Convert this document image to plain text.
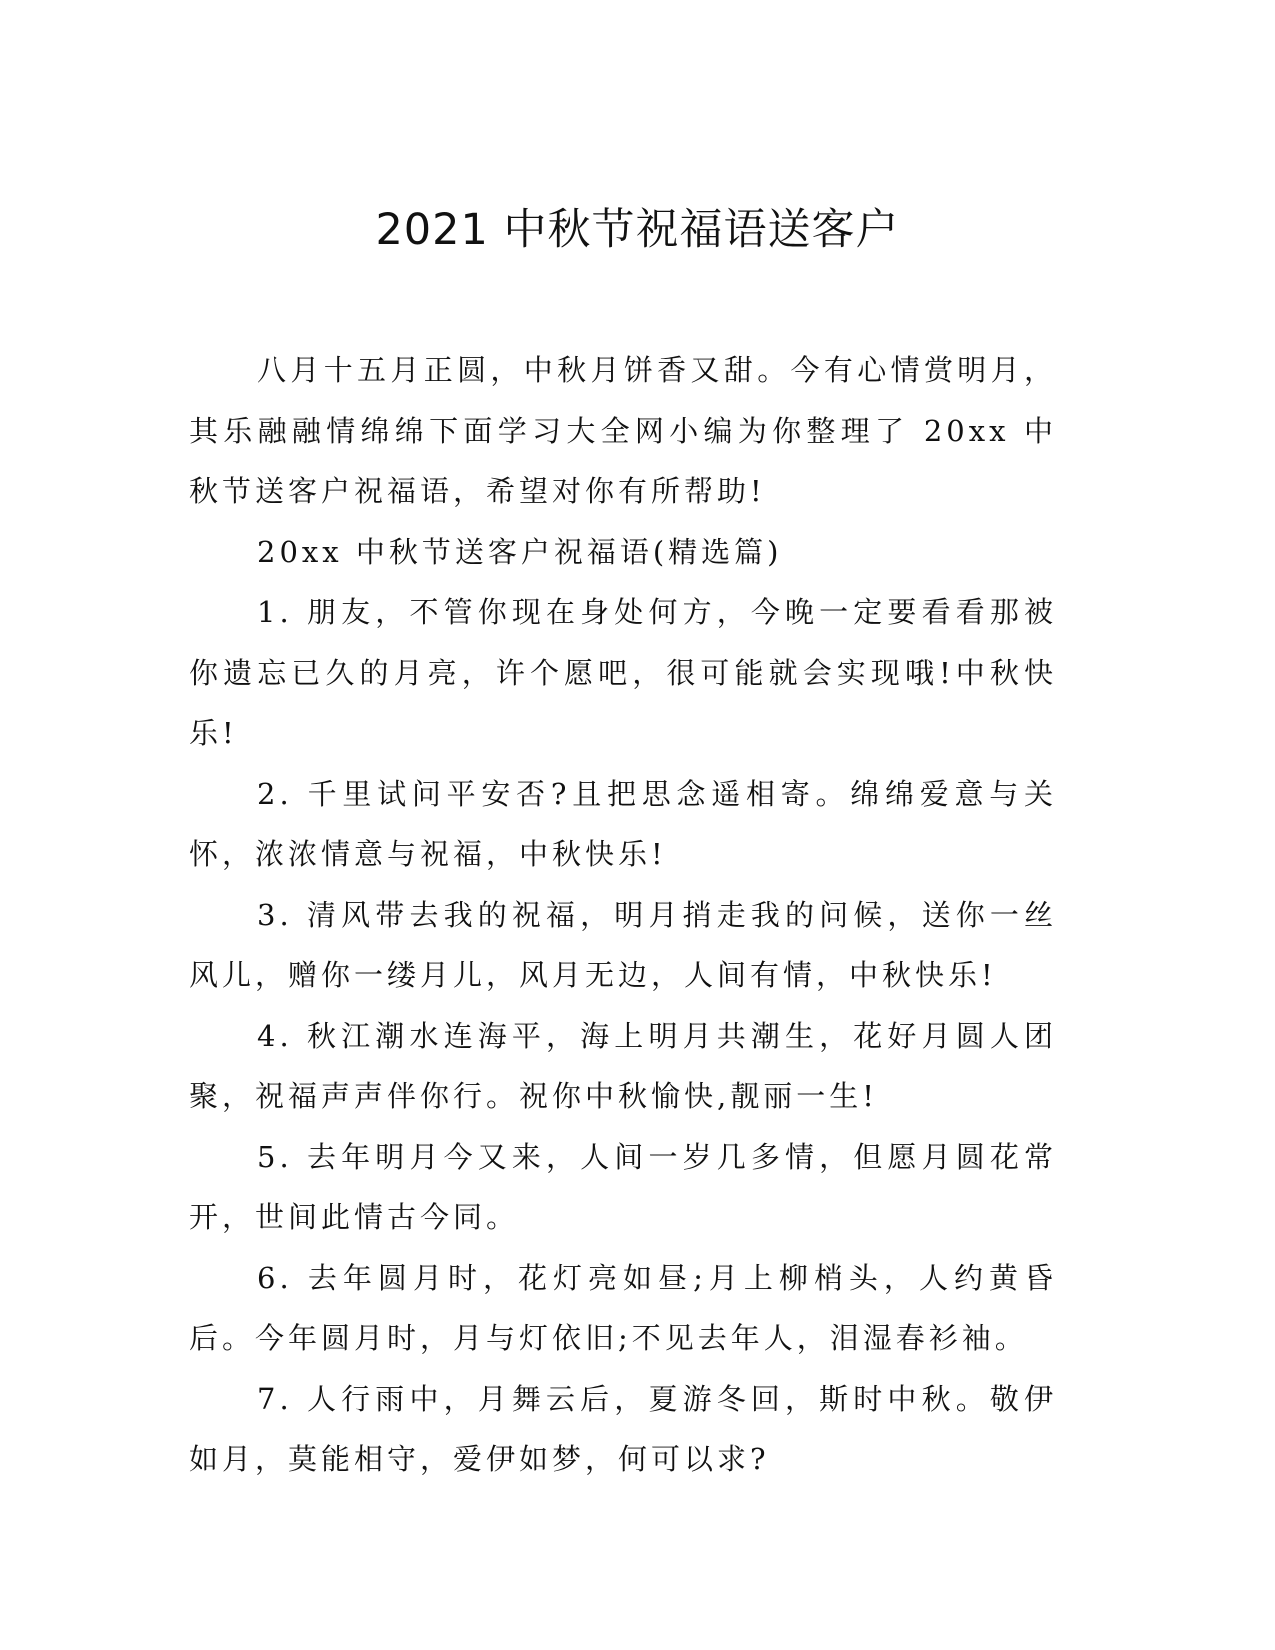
2021 中秋节祝福语送客户

八月十五月正圆，中秋月饼香又甜。今有心情赏明月，其乐融融情绵绵下面学习大全网小编为你整理了 20xx 中秋节送客户祝福语，希望对你有所帮助!

20xx 中秋节送客户祝福语(精选篇)

1. 朋友，不管你现在身处何方，今晚一定要看看那被你遗忘已久的月亮，许个愿吧，很可能就会实现哦!中秋快乐!

2. 千里试问平安否?且把思念遥相寄。绵绵爱意与关怀，浓浓情意与祝福，中秋快乐!

3. 清风带去我的祝福，明月捎走我的问候，送你一丝风儿，赠你一缕月儿，风月无边，人间有情，中秋快乐!

4. 秋江潮水连海平，海上明月共潮生，花好月圆人团聚，祝福声声伴你行。祝你中秋愉快,靓丽一生!

5. 去年明月今又来，人间一岁几多情，但愿月圆花常开，世间此情古今同。

6. 去年圆月时，花灯亮如昼;月上柳梢头，人约黄昏后。今年圆月时，月与灯依旧;不见去年人，泪湿春衫袖。

7. 人行雨中，月舞云后，夏游冬回，斯时中秋。敬伊如月，莫能相守，爱伊如梦，何可以求?
